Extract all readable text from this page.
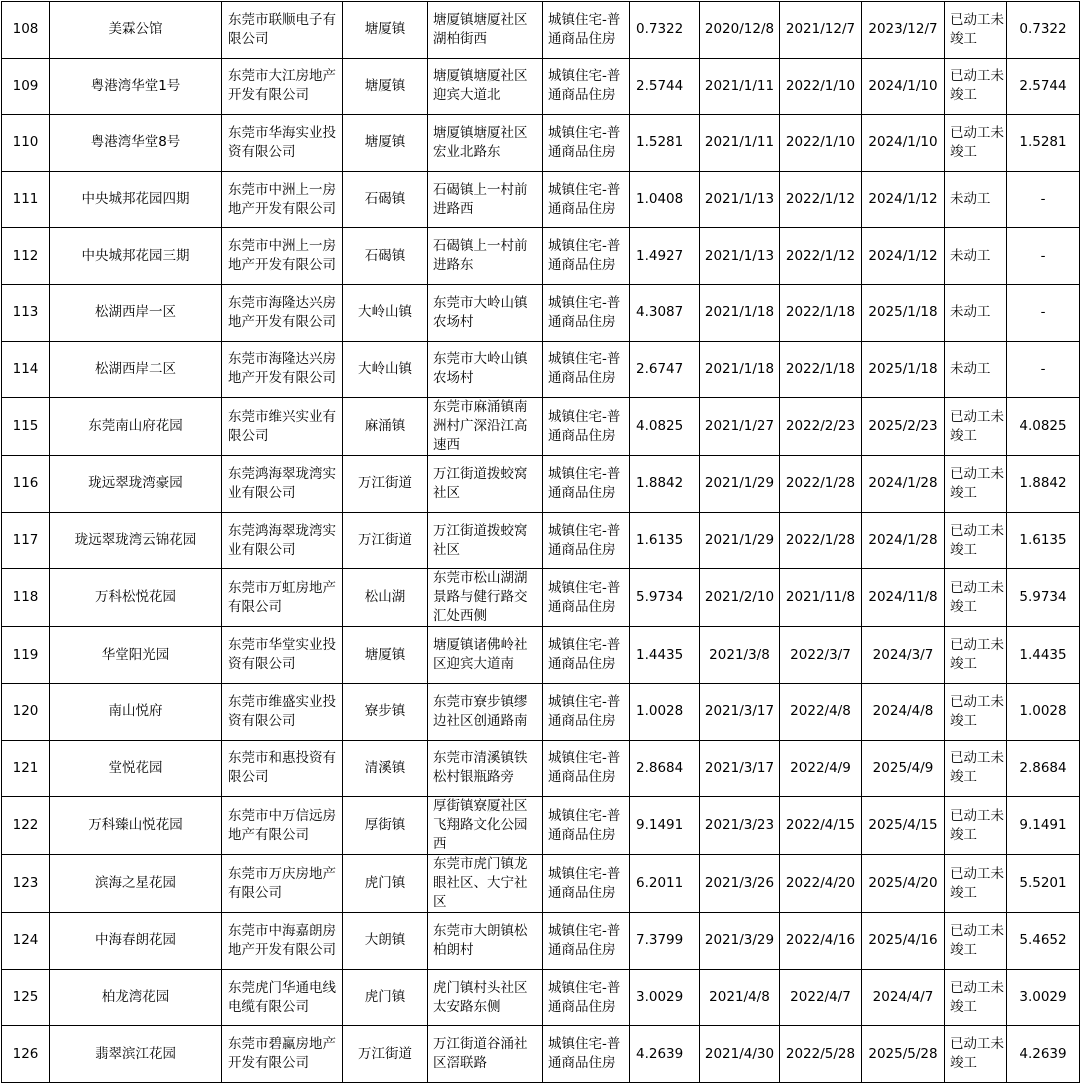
108	美霖公馆	东莞市联顺电子有限公司	塘厦镇	塘厦镇塘厦社区湖柏街西	城镇住宅-普通商品住房	0.7322	2020/12/8	2021/12/7	2023/12/7	已动工未竣工	0.7322
109	粤港湾华堂1号	东莞市大江房地产开发有限公司	塘厦镇	塘厦镇塘厦社区迎宾大道北	城镇住宅-普通商品住房	2.5744	2021/1/11	2022/1/10	2024/1/10	已动工未竣工	2.5744
110	粤港湾华堂8号	东莞市华海实业投资有限公司	塘厦镇	塘厦镇塘厦社区宏业北路东	城镇住宅-普通商品住房	1.5281	2021/1/11	2022/1/10	2024/1/10	已动工未竣工	1.5281
111	中央城邦花园四期	东莞市中洲上一房地产开发有限公司	石碣镇	石碣镇上一村前进路西	城镇住宅-普通商品住房	1.0408	2021/1/13	2022/1/12	2024/1/12	未动工	-
112	中央城邦花园三期	东莞市中洲上一房地产开发有限公司	石碣镇	石碣镇上一村前进路东	城镇住宅-普通商品住房	1.4927	2021/1/13	2022/1/12	2024/1/12	未动工	-
113	松湖西岸一区	东莞市海隆达兴房地产开发有限公司	大岭山镇	东莞市大岭山镇农场村	城镇住宅-普通商品住房	4.3087	2021/1/18	2022/1/18	2025/1/18	未动工	-
114	松湖西岸二区	东莞市海隆达兴房地产开发有限公司	大岭山镇	东莞市大岭山镇农场村	城镇住宅-普通商品住房	2.6747	2021/1/18	2022/1/18	2025/1/18	未动工	-
115	东莞南山府花园	东莞市维兴实业有限公司	麻涌镇	东莞市麻涌镇南洲村广深沿江高速西	城镇住宅-普通商品住房	4.0825	2021/1/27	2022/2/23	2025/2/23	已动工未竣工	4.0825
116	珑远翠珑湾豪园	东莞鸿海翠珑湾实业有限公司	万江街道	万江街道拨蛟窝社区	城镇住宅-普通商品住房	1.8842	2021/1/29	2022/1/28	2024/1/28	已动工未竣工	1.8842
117	珑远翠珑湾云锦花园	东莞鸿海翠珑湾实业有限公司	万江街道	万江街道拨蛟窝社区	城镇住宅-普通商品住房	1.6135	2021/1/29	2022/1/28	2024/1/28	已动工未竣工	1.6135
118	万科松悦花园	东莞市万虹房地产有限公司	松山湖	东莞市松山湖湖景路与健行路交汇处西侧	城镇住宅-普通商品住房	5.9734	2021/2/10	2021/11/8	2024/11/8	已动工未竣工	5.9734
119	华堂阳光园	东莞市华堂实业投资有限公司	塘厦镇	塘厦镇诸佛岭社区迎宾大道南	城镇住宅-普通商品住房	1.4435	2021/3/8	2022/3/7	2024/3/7	已动工未竣工	1.4435
120	南山悦府	东莞市维盛实业投资有限公司	寮步镇	东莞市寮步镇缪边社区创通路南	城镇住宅-普通商品住房	1.0028	2021/3/17	2022/4/8	2024/4/8	已动工未竣工	1.0028
121	堂悦花园	东莞市和惠投资有限公司	清溪镇	东莞市清溪镇铁松村银瓶路旁	城镇住宅-普通商品住房	2.8684	2021/3/17	2022/4/9	2025/4/9	已动工未竣工	2.8684
122	万科臻山悦花园	东莞市中万信远房地产有限公司	厚街镇	厚街镇寮厦社区飞翔路文化公园西	城镇住宅-普通商品住房	9.1491	2021/3/23	2022/4/15	2025/4/15	已动工未竣工	9.1491
123	滨海之星花园	东莞市万庆房地产有限公司	虎门镇	东莞市虎门镇龙眼社区、大宁社区	城镇住宅-普通商品住房	6.2011	2021/3/26	2022/4/20	2025/4/20	已动工未竣工	5.5201
124	中海春朗花园	东莞市中海嘉朗房地产开发有限公司	大朗镇	东莞市大朗镇松柏朗村	城镇住宅-普通商品住房	7.3799	2021/3/29	2022/4/16	2025/4/16	已动工未竣工	5.4652
125	柏龙湾花园	东莞虎门华通电线电缆有限公司	虎门镇	虎门镇村头社区太安路东侧	城镇住宅-普通商品住房	3.0029	2021/4/8	2022/4/7	2024/4/7	已动工未竣工	3.0029
126	翡翠滨江花园	东莞市碧赢房地产开发有限公司	万江街道	万江街道谷涌社区滘联路	城镇住宅-普通商品住房	4.2639	2021/4/30	2022/5/28	2025/5/28	已动工未竣工	4.2639
